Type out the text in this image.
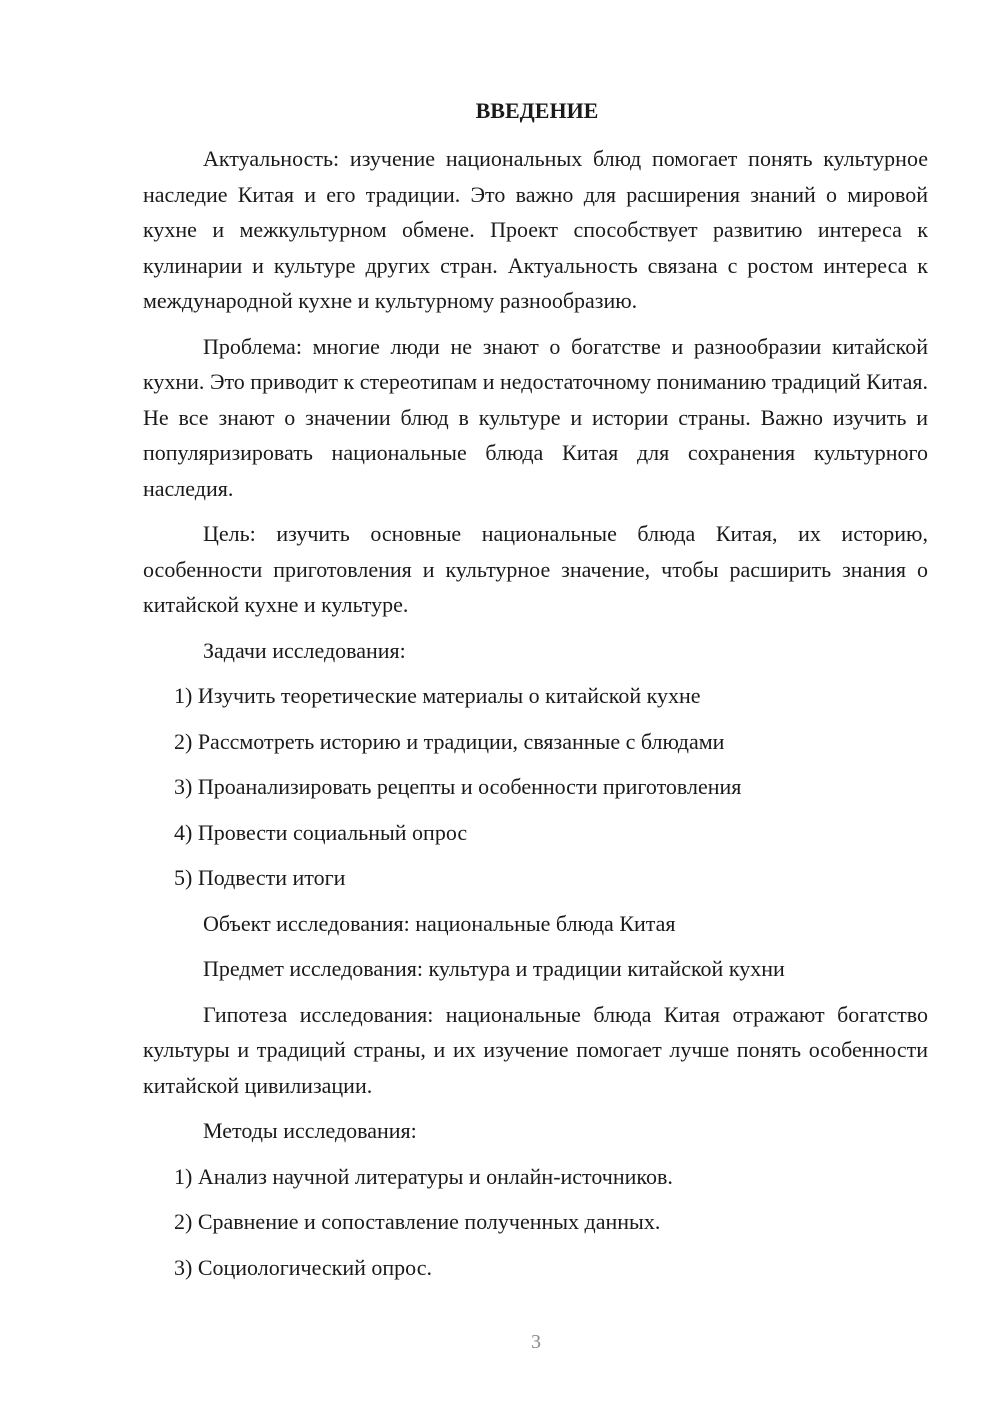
ВВЕДЕНИЕ

Актуальность: изучение национальных блюд помогает понять культурное наследие Китая и его традиции. Это важно для расширения знаний о мировой кухне и межкультурном обмене. Проект способствует развитию интереса к кулинарии и культуре других стран. Актуальность связана с ростом интереса к международной кухне и культурному разнообразию.

Проблема: многие люди не знают о богатстве и разнообразии китайской кухни. Это приводит к стереотипам и недостаточному пониманию традиций Китая. Не все знают о значении блюд в культуре и истории страны. Важно изучить и популяризировать национальные блюда Китая для сохранения культурного наследия.

Цель: изучить основные национальные блюда Китая, их историю, особенности приготовления и культурное значение, чтобы расширить знания о китайской кухне и культуре.

Задачи исследования:
1) Изучить теоретические материалы о китайской кухне
2) Рассмотреть историю и традиции, связанные с блюдами
3) Проанализировать рецепты и особенности приготовления
4) Провести социальный опрос
5) Подвести итоги
Объект исследования: национальные блюда Китая
Предмет исследования: культура и традиции китайской кухни

Гипотеза исследования: национальные блюда Китая отражают богатство культуры и традиций страны, и их изучение помогает лучше понять особенности китайской цивилизации.

Методы исследования:
1) Анализ научной литературы и онлайн-источников.
2) Сравнение и сопоставление полученных данных.
3) Социологический опрос.
3
